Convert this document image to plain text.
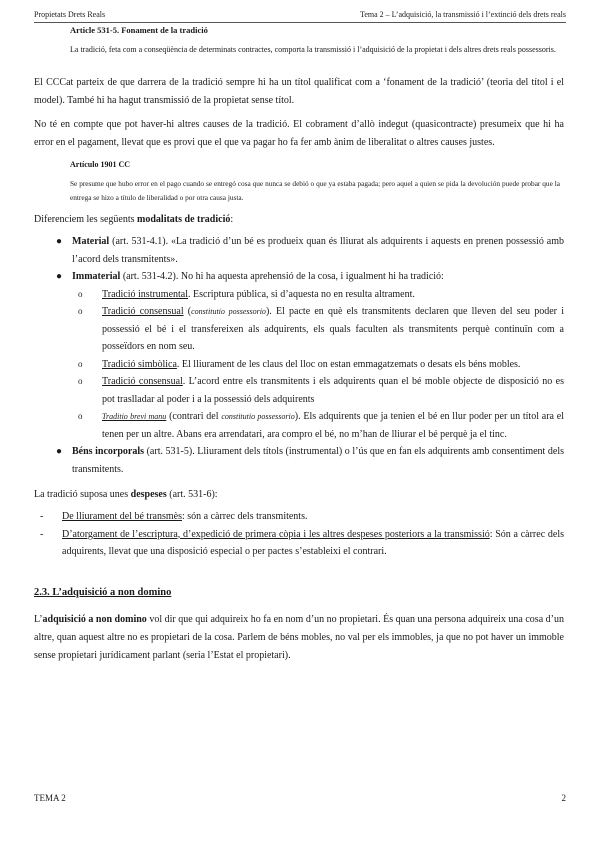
Propietats Drets Reals	Tema 2 – L’adquisició, la transmissió i l’extinció dels drets reals

Article 531-5. Fonament de la tradició

La tradició, feta com a conseqüència de determinats contractes, comporta la transmissió i l’adquisició de la propietat i dels altres drets reals possessoris.

El CCCat parteix de que darrera de la tradició sempre hi ha un títol qualificat com a ‘fonament de la tradició’ (teoria del títol i el model). També hi ha hagut transmissió de la propietat sense títol.

No té en compte que pot haver-hi altres causes de la tradició. El cobrament d’allò indegut (quasicontracte) presumeix que hi ha error en el pagament, llevat que es provi que el que va pagar ho fa fer amb ànim de liberalitat o altres causes justes.

Artículo 1901 CC

Se presume que hubo error en el pago cuando se entregó cosa que nunca se debió o que ya estaba pagada; pero aquel a quien se pida la devolución puede probar que la entrega se hizo a título de liberalidad o por otra causa justa.

Diferenciem les següents modalitats de tradició:

● Material (art. 531-4.1). «La tradició d’un bé es produeix quan és lliurat als adquirents i aquests en prenen possessió amb l’acord dels transmitents».
● Immaterial (art. 531-4.2). No hi ha aquesta aprehensió de la cosa, i igualment hi ha tradició:
o Tradició instrumental. Escriptura pública, si d’aquesta no en resulta altrament.
o Tradició consensual (constitutio possessorio). El pacte en què els transmitents declaren que lleven del seu poder i possessió el bé i el transfereixen als adquirents, els quals faculten als transmitents perquè continuïn com a posseïdors en nom seu.
o Tradició simbòlica. El lliurament de les claus del lloc on estan emmagatzemats o desats els béns mobles.
o Tradició consensual. L’acord entre els transmitents i els adquirents quan el bé moble objecte de disposició no es pot traslladar al poder i a la possessió dels adquirents
o Traditio brevi manu (contrari del constitutio possessorio). Els adquirents que ja tenien el bé en llur poder per un títol ara el tenen per un altre. Abans era arrendatari, ara compro el bé, no m’han de lliurar el bé perquè ja el tinc.
● Béns incorporals (art. 531-5). Lliurament dels títols (instrumental) o l’ús que en fan els adquirents amb consentiment dels transmitents.

La tradició suposa unes despeses (art. 531-6):

- De lliurament del bé transmès: són a càrrec dels transmitents.
- D’atorgament de l’escriptura, d’expedició de primera còpia i les altres despeses posteriors a la transmissió: Són a càrrec dels adquirents, llevat que una disposició especial o per pactes s’estableixi el contrari.
2.3. L’adquisició a non domino

L’adquisició a non domino vol dir que qui adquireix ho fa en nom d’un no propietari. És quan una persona adquireix una cosa d’un altre, quan aquest altre no es propietari de la cosa. Parlem de béns mobles, no val per els immobles, ja que no pot haver un immoble sense propietari jurídicament parlant (seria l’Estat el propietari).

TEMA 2	2
